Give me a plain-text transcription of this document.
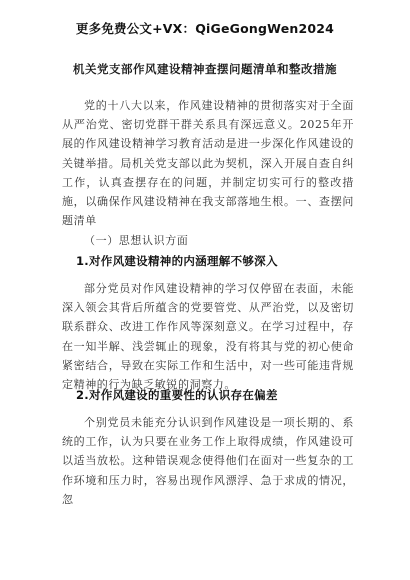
更多免费公文+VX：QiGeGongWen2024
机关党支部作风建设精神查摆问题清单和整改措施
党的十八大以来，作风建设精神的贯彻落实对于全面从严治党、密切党群干群关系具有深远意义。2025年开展的作风建设精神学习教育活动是进一步深化作风建设的关键举措。局机关党支部以此为契机，深入开展自查自纠工作，认真查摆存在的问题，并制定切实可行的整改措施，以确保作风建设精神在我支部落地生根。一、查摆问题清单
（一）思想认识方面
1.对作风建设精神的内涵理解不够深入
部分党员对作风建设精神的学习仅停留在表面，未能深入领会其背后所蕴含的党要管党、从严治党，以及密切联系群众、改进工作作风等深刻意义。在学习过程中，存在一知半解、浅尝辄止的现象，没有将其与党的初心使命紧密结合，导致在实际工作和生活中，对一些可能违背规定精神的行为缺乏敏锐的洞察力。
2.对作风建设的重要性的认识存在偏差
个别党员未能充分认识到作风建设是一项长期的、系统的工作，认为只要在业务工作上取得成绩，作风建设可以适当放松。这种错误观念使得他们在面对一些复杂的工作环境和压力时，容易出现作风漂浮、急于求成的情况，忽
